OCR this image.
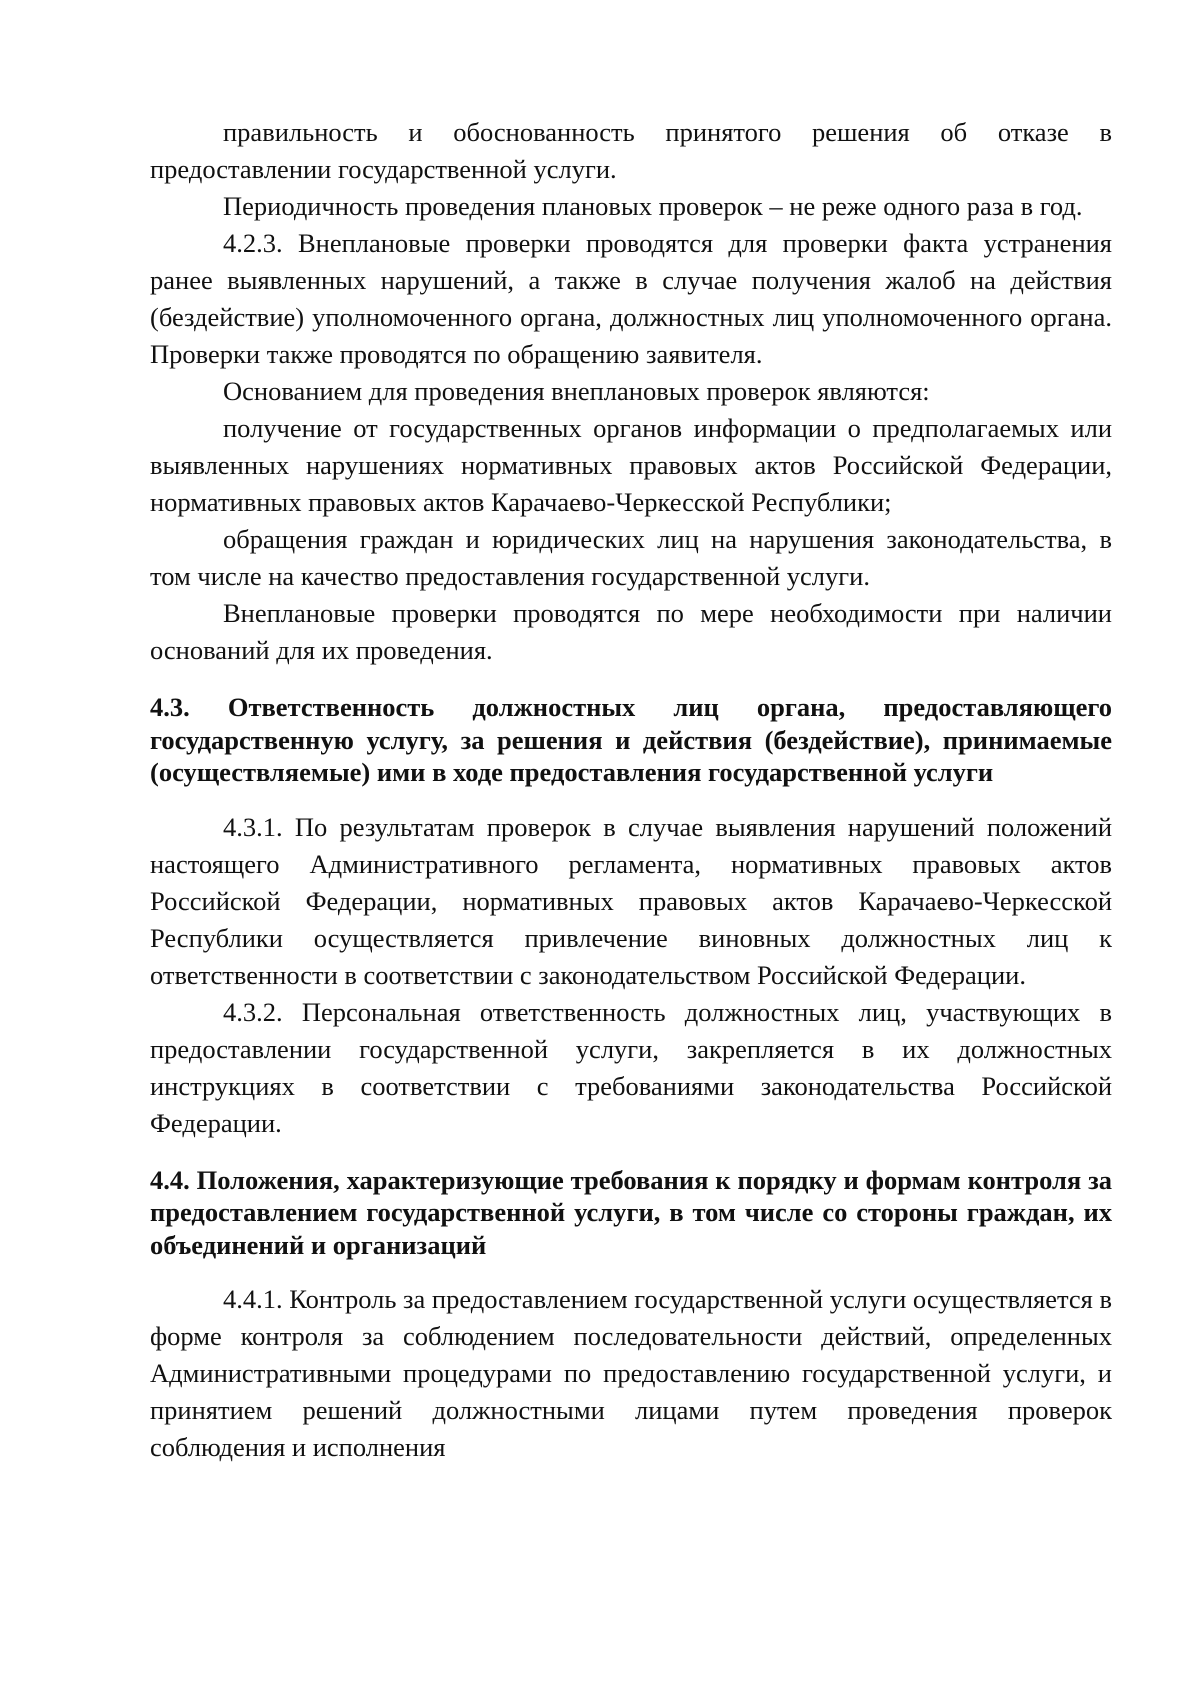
правильность и обоснованность принятого решения об отказе в предоставлении государственной услуги.

Периодичность проведения плановых проверок – не реже одного раза в год.

4.2.3. Внеплановые проверки проводятся для проверки факта устранения ранее выявленных нарушений, а также в случае получения жалоб на действия (бездействие) уполномоченного органа, должностных лиц уполномоченного органа. Проверки также проводятся по обращению заявителя.

Основанием для проведения внеплановых проверок являются:

получение от государственных органов информации о предполагаемых или выявленных нарушениях нормативных правовых актов Российской Федерации, нормативных правовых актов Карачаево-Черкесской Республики;

обращения граждан и юридических лиц на нарушения законодательства, в том числе на качество предоставления государственной услуги.

Внеплановые проверки проводятся по мере необходимости при наличии оснований для их проведения.

4.3. Ответственность должностных лиц органа, предоставляющего государственную услугу, за решения и действия (бездействие), принимаемые (осуществляемые) ими в ходе предоставления государственной услуги

4.3.1. По результатам проверок в случае выявления нарушений положений настоящего Административного регламента, нормативных правовых актов Российской Федерации, нормативных правовых актов Карачаево-Черкесской Республики осуществляется привлечение виновных должностных лиц к ответственности в соответствии с законодательством Российской Федерации.

4.3.2. Персональная ответственность должностных лиц, участвующих в предоставлении государственной услуги, закрепляется в их должностных инструкциях в соответствии с требованиями законодательства Российской Федерации.

4.4. Положения, характеризующие требования к порядку и формам контроля за предоставлением государственной услуги, в том числе со стороны граждан, их объединений и организаций

4.4.1. Контроль за предоставлением государственной услуги осуществляется в форме контроля за соблюдением последовательности действий, определенных Административными процедурами по предоставлению государственной услуги, и принятием решений должностными лицами путем проведения проверок соблюдения и исполнения
